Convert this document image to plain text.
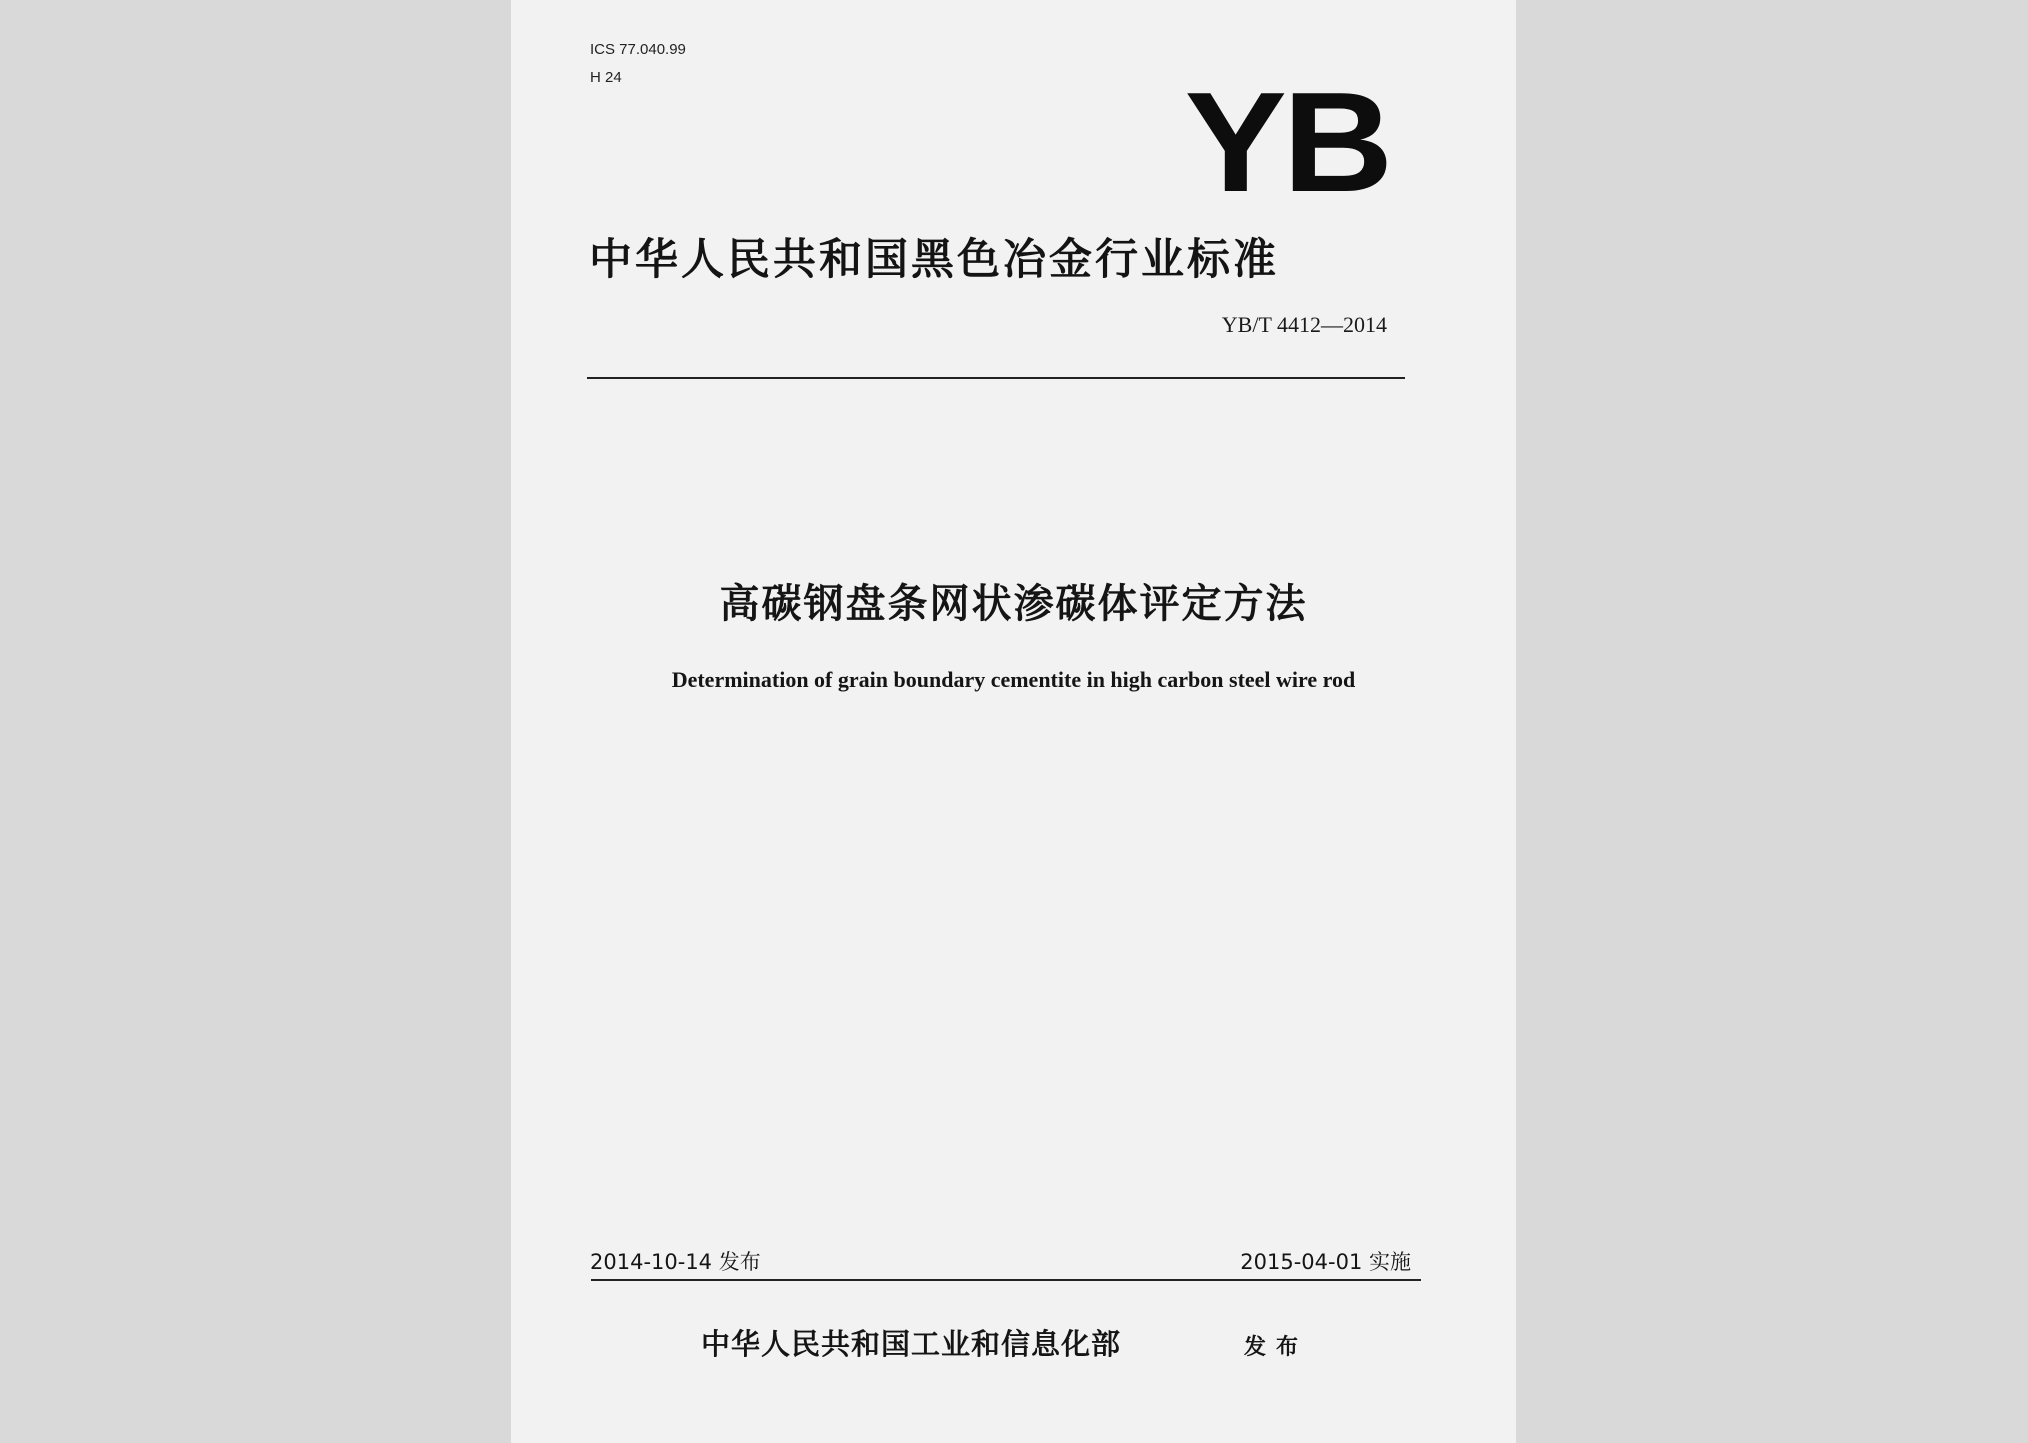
ICS 77.040.99
H 24	YB
中华人民共和国黑色冶金行业标准
YB/T 4412—2014
高碳钢盘条网状渗碳体评定方法
Determination of grain boundary cementite in high carbon steel wire rod
2014-10-14 发布	2015-04-01 实施
中华人民共和国工业和信息化部	发布
